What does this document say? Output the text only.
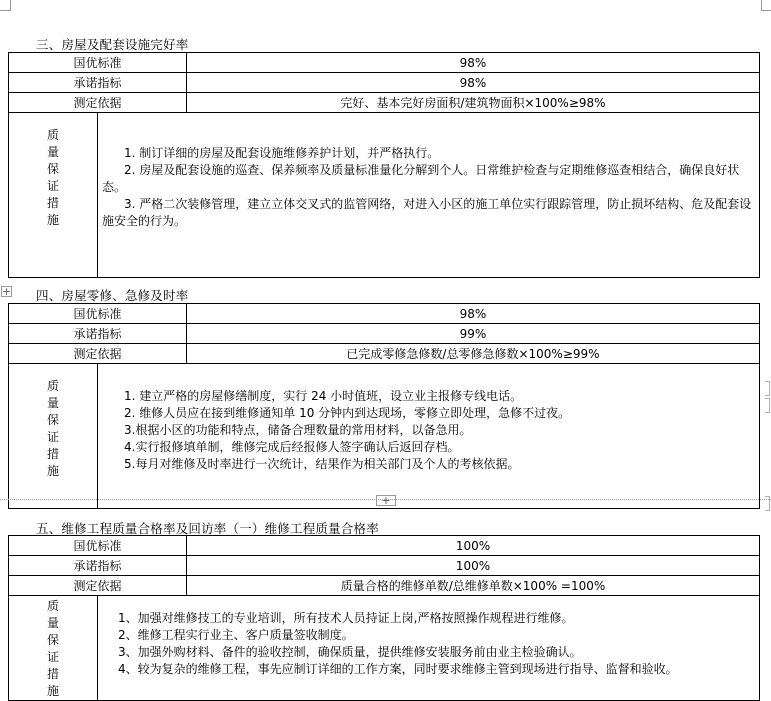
三、房屋及配套设施完好率
国优标准		98%
承诺指标		98%
测定依据		完好、基本完好房面积/建筑物面积×100%≥98%

质量保证措施	1. 制订详细的房屋及配套设施维修养护计划，并严格执行。

2. 房屋及配套设施的巡查、保养频率及质量标准量化分解到个人。日常维护检查与定期维修巡查相结合，确保良好状态。

3. 严格二次装修管理，建立立体交叉式的监管网络，对进入小区的施工单位实行跟踪管理，防止损坏结构、危及配套设施安全的行为。	

+ 四、房屋零修、急修及时率
国优标准		98%
承诺指标		99%
测定依据		已完成零修急修数/总零修急修数×100%≥99%

质量保证措施	1. 建立严格的房屋修缮制度，实行 24 小时值班，设立业主报修专线电话。

2. 维修人员应在接到维修通知单 10 分钟内到达现场，零修立即处理，急修不过夜。

3.根据小区的功能和特点，储备合理数量的常用材料，以备急用。

4.实行报修填单制，维修完成后经报修人签字确认后返回存档。

5.每月对维修及时率进行一次统计，结果作为相关部门及个人的考核依据。	

+
五、维修工程质量合格率及回访率（一）维修工程质量合格率
国优标准		100%
承诺指标		100%
测定依据		质量合格的维修单数/总维修单数×100% =100%

质量保证措施	1、加强对维修技工的专业培训，所有技术人员持证上岗,严格按照操作规程进行维修。

2、维修工程实行业主、客户质量签收制度。

3、加强外购材料、备件的验收控制，确保质量，提供维修安装服务前由业主检验确认。

4、较为复杂的维修工程，事先应制订详细的工作方案，同时要求维修主管到现场进行指导、监督和验收。	
